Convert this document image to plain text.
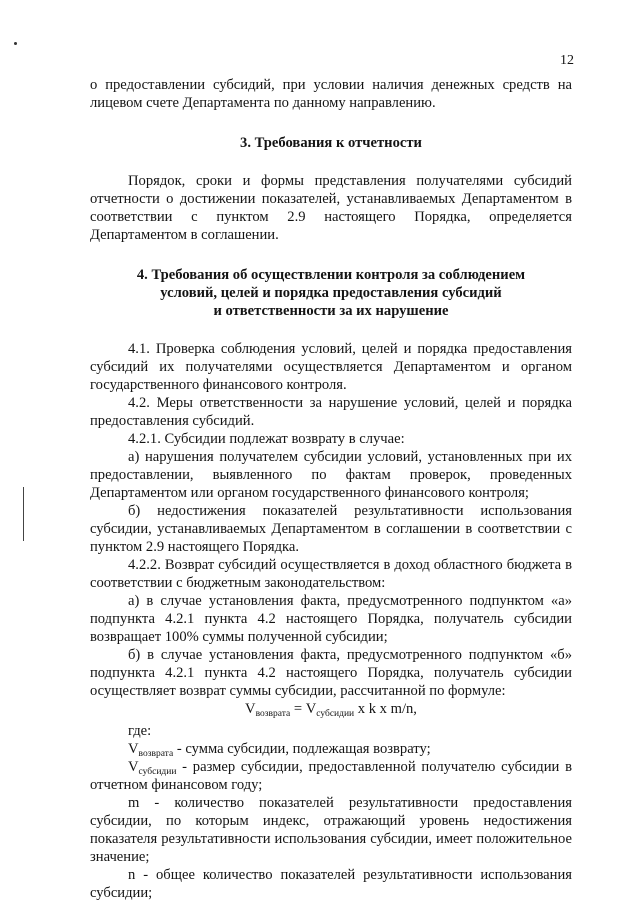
12

о предоставлении субсидий, при условии наличия денежных средств на лицевом счете Департамента по данному направлению.

3. Требования к отчетности

Порядок, сроки и формы представления получателями субсидий отчетности о достижении показателей, устанавливаемых Департаментом в соответствии с пунктом 2.9 настоящего Порядка, определяется Департаментом в соглашении.

4. Требования об осуществлении контроля за соблюдением

условий, целей и порядка предоставления субсидий

и ответственности за их нарушение

4.1. Проверка соблюдения условий, целей и порядка предоставления субсидий их получателями осуществляется Департаментом и органом государственного финансового контроля.

4.2. Меры ответственности за нарушение условий, целей и порядка предоставления субсидий.

4.2.1. Субсидии подлежат возврату в случае:

а) нарушения получателем субсидии условий, установленных при их предоставлении, выявленного по фактам проверок, проведенных Департаментом или органом государственного финансового контроля;

б) недостижения показателей результативности использования субсидии, устанавливаемых Департаментом в соглашении в соответствии с пунктом 2.9 настоящего Порядка.

4.2.2. Возврат субсидий осуществляется в доход областного бюджета в соответствии с бюджетным законодательством:

а) в случае установления факта, предусмотренного подпунктом «а» подпункта 4.2.1 пункта 4.2 настоящего Порядка, получатель субсидии возвращает 100% суммы полученной субсидии;

б) в случае установления факта, предусмотренного подпунктом «б» подпункта 4.2.1 пункта 4.2 настоящего Порядка, получатель субсидии осуществляет возврат суммы субсидии, рассчитанной по формуле:

$V_{возврата} = V_{субсидии}$ x k x m/n,

где:

$V_{возврата}$ - сумма субсидии, подлежащая возврату;

$V_{субсидии}$ - размер субсидии, предоставленной получателю субсидии в отчетном финансовом году;

m - количество показателей результативности предоставления субсидии, по которым индекс, отражающий уровень недостижения показателя результативности использования субсидии, имеет положительное значение;

n - общее количество показателей результативности использования субсидии;
